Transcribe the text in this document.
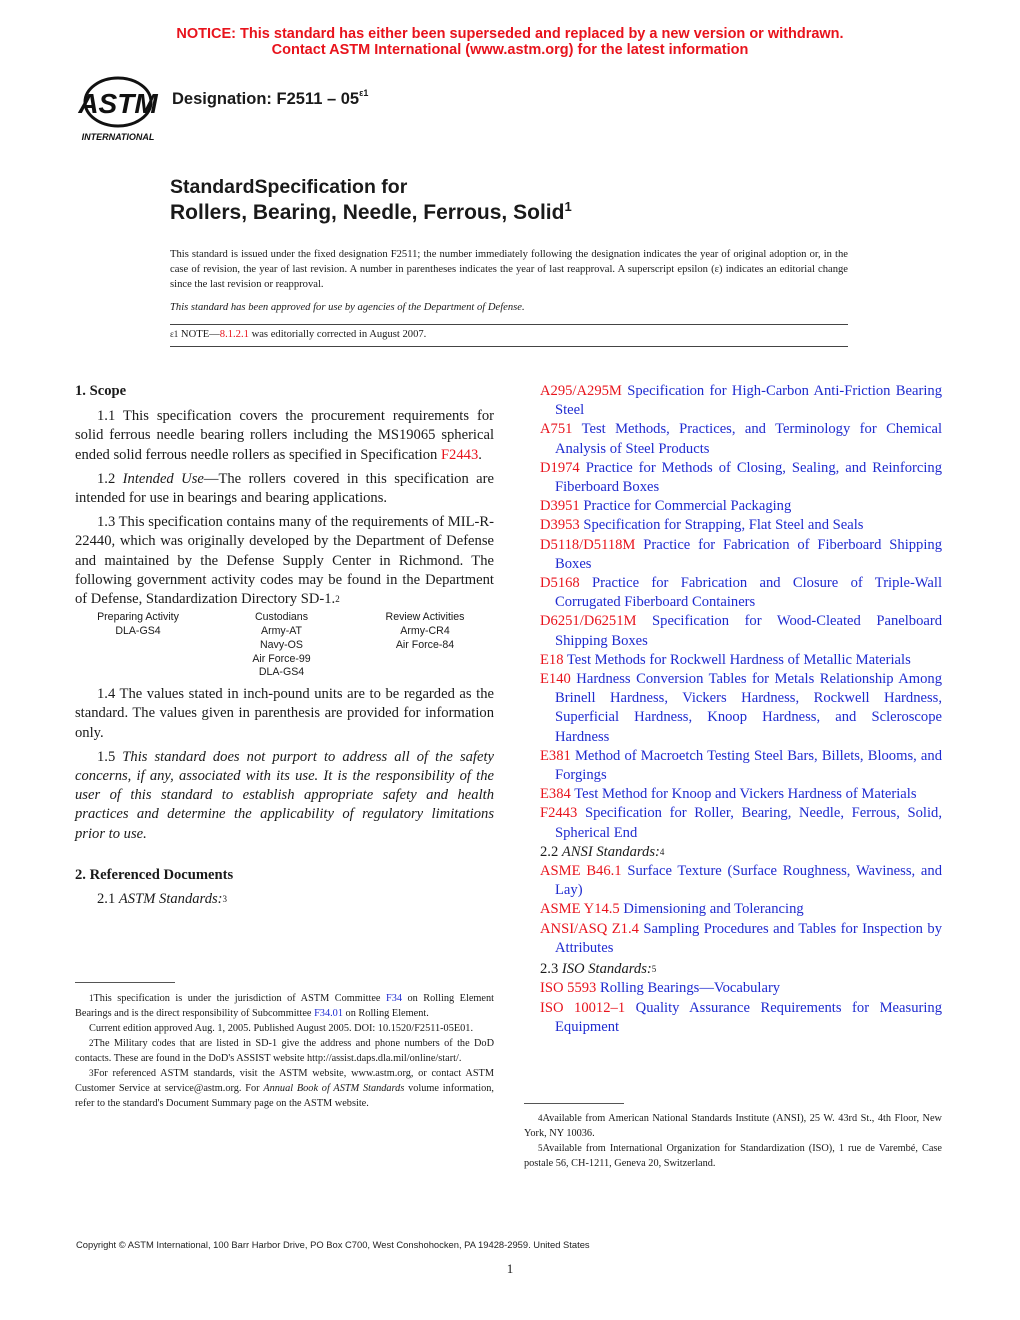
NOTICE: This standard has either been superseded and replaced by a new version or withdrawn.
Contact ASTM International (www.astm.org) for the latest information
ASTM
INTERNATIONAL
Designation: $F2511 - 05^{\varepsilon 1}$
StandardSpecification for
Rollers, Bearing, Needle, Ferrous, Solid$^1$
This standard is issued under the fixed designation F2511; the number immediately following the designation indicates the year of original adoption or, in the case of revision, the year of last revision. A number in parentheses indicates the year of last reapproval. A superscript epsilon (ε) indicates an editorial change since the last revision or reapproval.
This standard has been approved for use by agencies of the Department of Defense.
$^{\varepsilon 1}$ NOTE—8.1.2.1 was editorially corrected in August 2007.
1. Scope

1.1 This specification covers the procurement requirements for solid ferrous needle bearing rollers including the MS19065 spherical ended solid ferrous needle rollers as specified in Specification F2443.

1.2 Intended Use—The rollers covered in this specification are intended for use in bearings and bearing applications.

1.3 This specification contains many of the requirements of MIL-R-22440, which was originally developed by the Department of Defense and maintained by the Defense Supply Center in Richmond. The following government activity codes may be found in the Department of Defense, Standardization Directory SD-1.$^2$

Preparing Activity
DLA-GS4
Custodians
Army-AT
Navy-OS
Air Force-99
DLA-GS4
Review Activities
Army-CR4
Air Force-84

1.4 The values stated in inch-pound units are to be regarded as the standard. The values given in parenthesis are provided for information only.

1.5 This standard does not purport to address all of the safety concerns, if any, associated with its use. It is the responsibility of the user of this standard to establish appropriate safety and health practices and determine the applicability of regulatory limitations prior to use.

2. Referenced Documents

2.1 ASTM Standards:$^3$

$^1$This specification is under the jurisdiction of ASTM Committee F34 on Rolling Element Bearings and is the direct responsibility of Subcommittee F34.01 on Rolling Element.

Current edition approved Aug. 1, 2005. Published August 2005. DOI: 10.1520/F2511-05E01.

$^2$The Military codes that are listed in SD-1 give the address and phone numbers of the DoD contacts. These are found in the DoD's ASSIST website http://assist.daps.dla.mil/online/start/.

$^3$For referenced ASTM standards, visit the ASTM website, www.astm.org, or contact ASTM Customer Service at service@astm.org. For Annual Book of ASTM Standards volume information, refer to the standard's Document Summary page on the ASTM website.

A295/A295M Specification for High-Carbon Anti-Friction Bearing Steel

A751 Test Methods, Practices, and Terminology for Chemical Analysis of Steel Products

D1974 Practice for Methods of Closing, Sealing, and Reinforcing Fiberboard Boxes

D3951 Practice for Commercial Packaging

D3953 Specification for Strapping, Flat Steel and Seals

D5118/D5118M Practice for Fabrication of Fiberboard Shipping Boxes

D5168 Practice for Fabrication and Closure of Triple-Wall Corrugated Fiberboard Containers

D6251/D6251M Specification for Wood-Cleated Panelboard Shipping Boxes

E18 Test Methods for Rockwell Hardness of Metallic Materials

E140 Hardness Conversion Tables for Metals Relationship Among Brinell Hardness, Vickers Hardness, Rockwell Hardness, Superficial Hardness, Knoop Hardness, and Scleroscope Hardness

E381 Method of Macroetch Testing Steel Bars, Billets, Blooms, and Forgings

E384 Test Method for Knoop and Vickers Hardness of Materials

F2443 Specification for Roller, Bearing, Needle, Ferrous, Solid, Spherical End

2.2 ANSI Standards:$^4$

ASME B46.1 Surface Texture (Surface Roughness, Waviness, and Lay)

ASME Y14.5 Dimensioning and Tolerancing

ANSI/ASQ Z1.4 Sampling Procedures and Tables for Inspection by Attributes

2.3 ISO Standards:$^5$

ISO 5593 Rolling Bearings—Vocabulary

ISO 10012–1 Quality Assurance Requirements for Measuring Equipment

$^4$Available from American National Standards Institute (ANSI), 25 W. 43rd St., 4th Floor, New York, NY 10036.

$^5$Available from International Organization for Standardization (ISO), 1 rue de Varembé, Case postale 56, CH-1211, Geneva 20, Switzerland.

Copyright © ASTM International, 100 Barr Harbor Drive, PO Box C700, West Conshohocken, PA 19428-2959. United States
1
